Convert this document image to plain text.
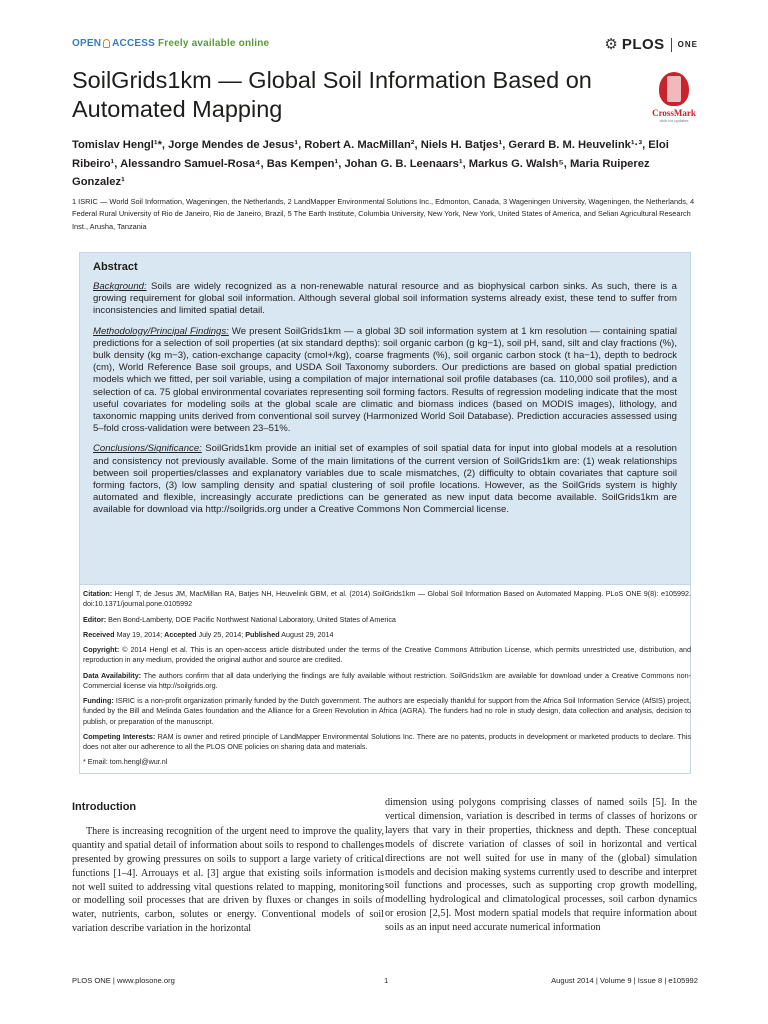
OPEN ACCESS Freely available online	⚙ PLOS ONE
SoilGrids1km — Global Soil Information Based on Automated Mapping	CrossMark
click for updates
Tomislav Hengl¹*, Jorge Mendes de Jesus¹, Robert A. MacMillan², Niels H. Batjes¹, Gerard B. M. Heuvelink¹·³, Eloi Ribeiro¹, Alessandro Samuel-Rosa⁴, Bas Kempen¹, Johan G. B. Leenaars¹, Markus G. Walsh⁵, Maria Ruiperez Gonzalez¹
1 ISRIC — World Soil Information, Wageningen, the Netherlands, 2 LandMapper Environmental Solutions Inc., Edmonton, Canada, 3 Wageningen University, Wageningen, the Netherlands, 4 Federal Rural University of Rio de Janeiro, Rio de Janeiro, Brazil, 5 The Earth Institute, Columbia University, New York, New York, United States of America, and Selian Agricultural Research Inst., Arusha, Tanzania
Abstract

Background: Soils are widely recognized as a non-renewable natural resource and as biophysical carbon sinks. As such, there is a growing requirement for global soil information. Although several global soil information systems already exist, these tend to suffer from inconsistencies and limited spatial detail.

Methodology/Principal Findings: We present SoilGrids1km — a global 3D soil information system at 1 km resolution — containing spatial predictions for a selection of soil properties (at six standard depths): soil organic carbon (g kg−1), soil pH, sand, silt and clay fractions (%), bulk density (kg m−3), cation-exchange capacity (cmol+/kg), coarse fragments (%), soil organic carbon stock (t ha−1), depth to bedrock (cm), World Reference Base soil groups, and USDA Soil Taxonomy suborders. Our predictions are based on global spatial prediction models which we fitted, per soil variable, using a compilation of major international soil profile databases (ca. 110,000 soil profiles), and a selection of ca. 75 global environmental covariates representing soil forming factors. Results of regression modeling indicate that the most useful covariates for modeling soils at the global scale are climatic and biomass indices (based on MODIS images), lithology, and taxonomic mapping units derived from conventional soil survey (Harmonized World Soil Database). Prediction accuracies assessed using 5–fold cross-validation were between 23–51%.

Conclusions/Significance: SoilGrids1km provide an initial set of examples of soil spatial data for input into global models at a resolution and consistency not previously available. Some of the main limitations of the current version of SoilGrids1km are: (1) weak relationships between soil properties/classes and explanatory variables due to scale mismatches, (2) difficulty to obtain covariates that capture soil forming factors, (3) low sampling density and spatial clustering of soil profile locations. However, as the SoilGrids system is highly automated and flexible, increasingly accurate predictions can be generated as new input data become available. SoilGrids1km are available for download via http://soilgrids.org under a Creative Commons Non Commercial license.

Citation: Hengl T, de Jesus JM, MacMillan RA, Batjes NH, Heuvelink GBM, et al. (2014) SoilGrids1km — Global Soil Information Based on Automated Mapping. PLoS ONE 9(8): e105992. doi:10.1371/journal.pone.0105992

Editor: Ben Bond-Lamberty, DOE Pacific Northwest National Laboratory, United States of America

Received May 19, 2014; Accepted July 25, 2014; Published August 29, 2014

Copyright: © 2014 Hengl et al. This is an open-access article distributed under the terms of the Creative Commons Attribution License, which permits unrestricted use, distribution, and reproduction in any medium, provided the original author and source are credited.

Data Availability: The authors confirm that all data underlying the findings are fully available without restriction. SoilGrids1km are available for download under a Creative Commons non-Commercial license via http://soilgrids.org.

Funding: ISRIC is a non-profit organization primarily funded by the Dutch government. The authors are especially thankful for support from the Africa Soil Information Service (AfSIS) project, funded by the Bill and Melinda Gates foundation and the Alliance for a Green Revolution in Africa (AGRA). The funders had no role in study design, data collection and analysis, decision to publish, or preparation of the manuscript.

Competing Interests: RAM is owner and retired principle of LandMapper Environmental Solutions Inc. There are no patents, products in development or marketed products to declare. This does not alter our adherence to all the PLOS ONE policies on sharing data and materials.

* Email: tom.hengl@wur.nl

Introduction

There is increasing recognition of the urgent need to improve the quality, quantity and spatial detail of information about soils to respond to challenges presented by growing pressures on soils to support a large variety of critical functions [1–4]. Arrouays et al. [3] argue that existing soils information is not well suited to addressing vital questions related to mapping, monitoring or modelling soil processes that are driven by fluxes or changes in soils of water, nutrients, carbon, solutes or energy. Conventional models of soil variation describe variation in the horizontal

dimension using polygons comprising classes of named soils [5]. In the vertical dimension, variation is described in terms of classes of horizons or layers that vary in their properties, thickness and depth. These conceptual models of discrete variation of classes of soil in horizontal and vertical directions are not well suited for use in many of the (global) simulation models and decision making systems currently used to describe and interpret soil functions and processes, such as supporting crop growth modelling, modelling hydrological and climatological processes, soil carbon dynamics or erosion [2,5]. Most modern spatial models that require information about soils as an input need accurate numerical information

PLOS ONE | www.plosone.org	1	August 2014 | Volume 9 | Issue 8 | e105992
